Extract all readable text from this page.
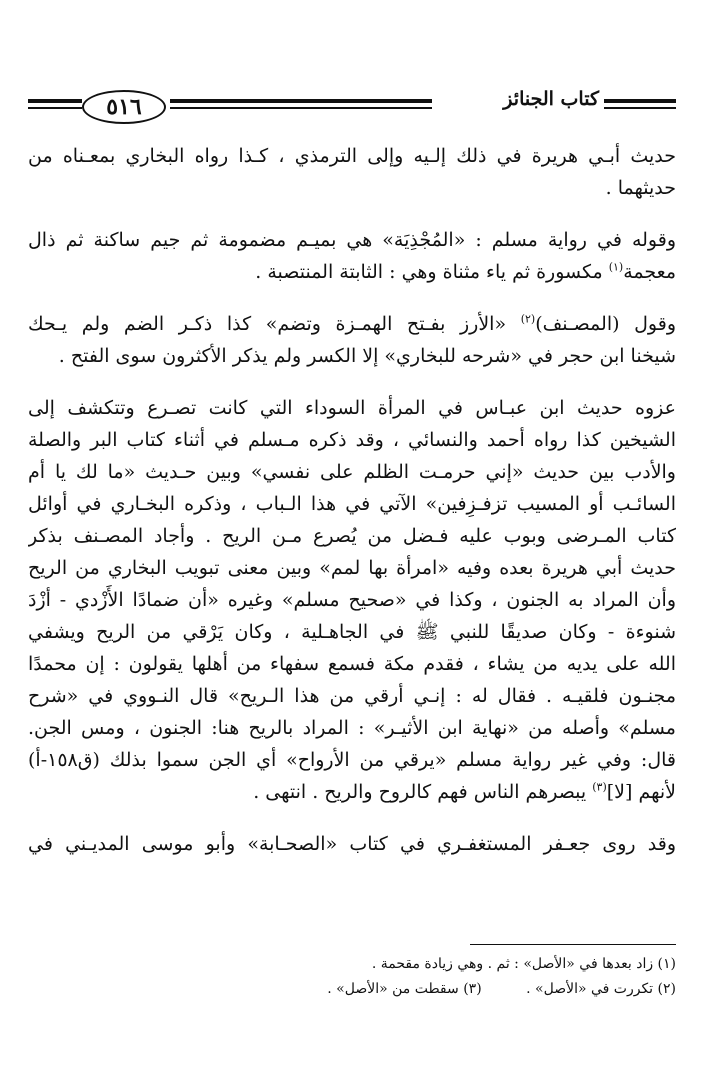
٥١٦	كتاب الجنائز
حديث أبـي هريرة في ذلك إلـيه وإلى الترمذي ، كـذا رواه البخاري بمعـناه من
حديثهما .
وقوله في رواية مسلم : «المُجْذِيَة» هي بميـم مضمومة ثم جيم ساكنة ثم ذال
معجمة$^{(١)}$ مكسورة ثم ياء مثناة وهي : الثابتة المنتصبة .
وقول (المصـنف)$^{(٢)}$ «الأرز بفـتح الهمـزة وتضم» كذا ذكـر الضم ولم يـحك
شيخنا ابن حجر في «شرحه للبخاري» إلا الكسر ولم يذكر الأكثرون سوى الفتح .
عزوه حديث ابن عبـاس في المرأة السوداء التي كانت تصـرع وتتكشف إلى
الشيخين كذا رواه أحمد والنسائي ، وقد ذكره مـسلم في أثناء كتاب البر والصلة
والأدب بين حديث «إني حرمـت الظلم على نفسي» وبين حـديث «ما لك يا أم
السائـب أو المسيب تزفـزِفين» الآتي في هذا الـباب ، وذكره البخـاري في أوائل
كتاب المـرضى وبوب عليه فـضل من يُصرع مـن الريح . وأجاد المصـنف بذكر
حديث أبي هريرة بعده وفيه «امرأة بها لمم» وبين معنى تبويب البخاري من الريح
وأن المراد به الجنون ، وكذا في «صحيح مسلم» وغيره «أن ضمادًا الأَزْدي - أزْدَ
شنوءة - وكان صديقًا للنبي ﷺ في الجاهـلية ، وكان يَرْقي من الريح ويشفي
الله على يديه من يشاء ، فقدم مكة فسمع سفهاء من أهلها يقولون : إن محمدًا
مجنـون فلقيـه . فقال له : إنـي أرقي من هذا الـريح» قال النـووي في «شرح
مسلم» وأصله من «نهاية ابن الأثيـر» : المراد بالريح هنا: الجنون ، ومس الجن.
قال: وفي غير رواية مسلم «يرقي من الأرواح» أي الجن سموا بذلك (ق١٥٨-أ)
لأنهم [لا]$^{(٣)}$ يبصرهم الناس فهم كالروح والريح . انتهى .
وقد روى جعـفر المستغفـري في كتاب «الصحـابة» وأبو موسى المديـني في
(١) زاد بعدها في «الأصل» : ثم . وهي زيادة مقحمة .
(٢) تكررت في «الأصل» . (٣) سقطت من «الأصل» .
